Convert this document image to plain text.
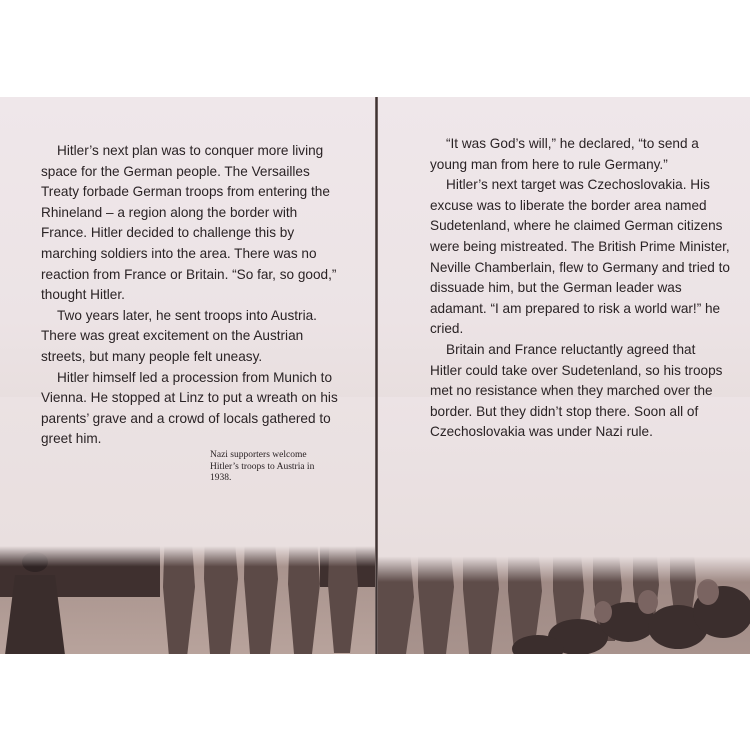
Hitler’s next plan was to conquer more living space for the German people. The Versailles Treaty forbade German troops from entering the Rhineland – a region along the border with France. Hitler decided to challenge this by marching soldiers into the area. There was no reaction from France or Britain. “So far, so good,” thought Hitler.

Two years later, he sent troops into Austria. There was great excitement on the Austrian streets, but many people felt uneasy.

Hitler himself led a procession from Munich to Vienna. He stopped at Linz to put a wreath on his parents’ grave and a crowd of locals gathered to greet him.

Nazi supporters welcome Hitler’s troops to Austria in 1938.

“It was God’s will,” he declared, “to send a young man from here to rule Germany.”

Hitler’s next target was Czechoslovakia. His excuse was to liberate the border area named Sudetenland, where he claimed German citizens were being mistreated. The British Prime Minister, Neville Chamberlain, flew to Germany and tried to dissuade him, but the German leader was adamant. “I am prepared to risk a world war!” he cried.

Britain and France reluctantly agreed that Hitler could take over Sudetenland, so his troops met no resistance when they marched over the border. But they didn’t stop there. Soon all of Czechoslovakia was under Nazi rule.
